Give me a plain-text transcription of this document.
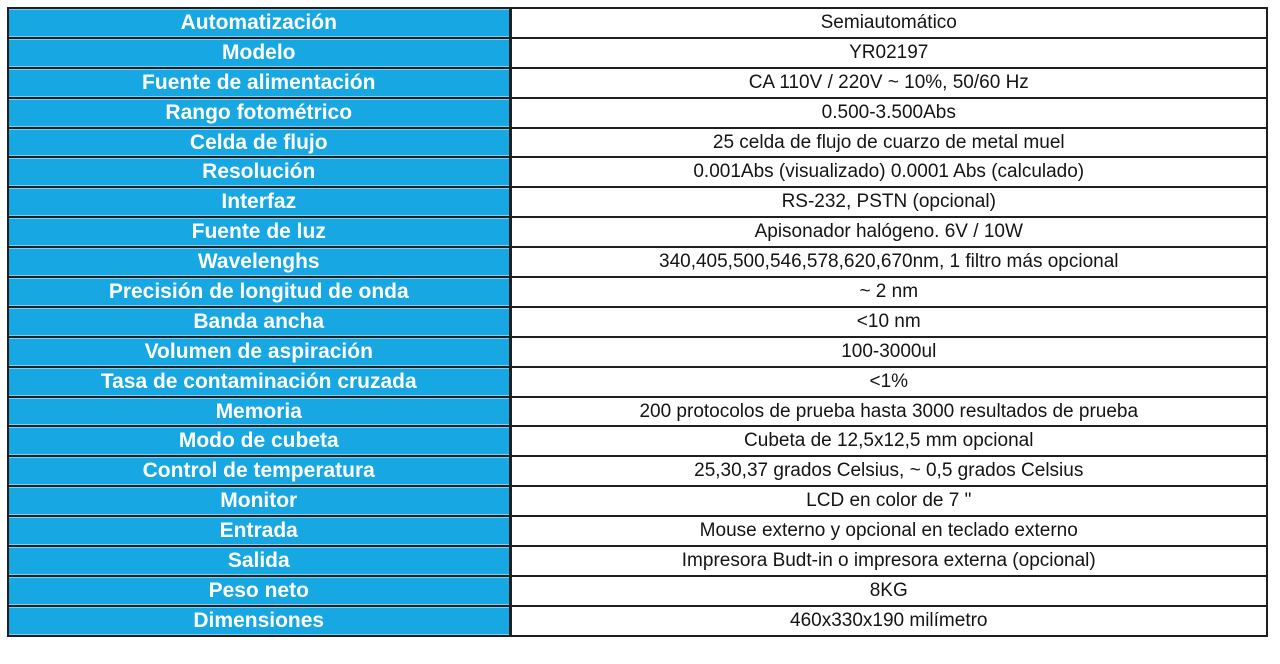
Automatización	Semiautomático
Modelo	YR02197
Fuente de alimentación	CA 110V / 220V ~ 10%, 50/60 Hz
Rango fotométrico	0.500-3.500Abs
Celda de flujo	25 celda de flujo de cuarzo de metal muel
Resolución	0.001Abs (visualizado) 0.0001 Abs (calculado)
Interfaz	RS-232, PSTN (opcional)
Fuente de luz	Apisonador halógeno. 6V / 10W
Wavelenghs	340,405,500,546,578,620,670nm, 1 filtro más opcional
Precisión de longitud de onda	~ 2 nm
Banda ancha	<10 nm
Volumen de aspiración	100-3000ul
Tasa de contaminación cruzada	<1%
Memoria	200 protocolos de prueba hasta 3000 resultados de prueba
Modo de cubeta	Cubeta de 12,5x12,5 mm opcional
Control de temperatura	25,30,37 grados Celsius, ~ 0,5 grados Celsius
Monitor	LCD en color de 7 "
Entrada	Mouse externo y opcional en teclado externo
Salida	Impresora Budt-in o impresora externa (opcional)
Peso neto	8KG
Dimensiones	460x330x190 milímetro
